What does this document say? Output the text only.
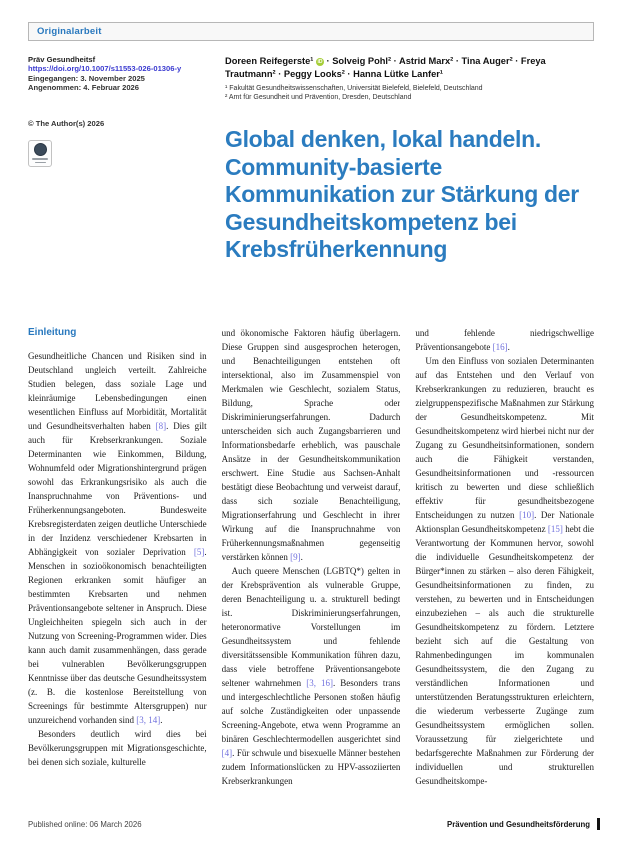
Originalarbeit
Präv Gesundheitsf
https://doi.org/10.1007/s11553-026-01306-y
Eingegangen: 3. November 2025
Angenommen: 4. Februar 2026
© The Author(s) 2026
Doreen Reifegerste¹ iD · Solveig Pohl² · Astrid Marx² · Tina Auger² · Freya Trautmann² · Peggy Looks² · Hanna Lütke Lanfer¹
¹ Fakultät Gesundheitswissenschaften, Universität Bielefeld, Bielefeld, Deutschland
² Amt für Gesundheit und Prävention, Dresden, Deutschland
Global denken, lokal handeln.
Community-basierte
Kommunikation zur Stärkung der
Gesundheitskompetenz bei
Krebsfrüherkennung
Einleitung

Gesundheitliche Chancen und Risiken sind in Deutschland ungleich verteilt. Zahlreiche Studien belegen, dass soziale Lage und kleinräumige Lebensbedingungen einen wesentlichen Einfluss auf Morbidität, Mortalität und Gesundheitsverhalten haben [8]. Dies gilt auch für Krebserkrankungen. Soziale Determinanten wie Einkommen, Bildung, Wohnumfeld oder Migrationshintergrund prägen sowohl das Erkrankungsrisiko als auch die Inanspruchnahme von Präventions- und Früherkennungsangeboten. Bundesweite Krebsregisterdaten zeigen deutliche Unterschiede in der Inzidenz verschiedener Krebsarten in Abhängigkeit von sozialer Deprivation [5]. Menschen in sozioökonomisch benachteiligten Regionen erkranken somit häufiger an bestimmten Krebsarten und nehmen Präventionsangebote seltener in Anspruch. Diese Ungleichheiten spiegeln sich auch in der Nutzung von Screening-Programmen wider. Dies kann auch damit zusammenhängen, dass gerade bei vulnerablen Bevölkerungsgruppen Kenntnisse über das deutsche Gesundheitssystem (z. B. die kostenlose Bereitstellung von Screenings für bestimmte Altersgruppen) nur unzureichend vorhanden sind [3, 14].

Besonders deutlich wird dies bei Bevölkerungsgruppen mit Migrationsgeschichte, bei denen sich soziale, kulturelle

und ökonomische Faktoren häufig überlagern. Diese Gruppen sind ausgesprochen heterogen, und Benachteiligungen entstehen oft intersektional, also im Zusammenspiel von Merkmalen wie Geschlecht, sozialem Status, Bildung, Sprache oder Diskriminierungserfahrungen. Dadurch unterscheiden sich auch Zugangsbarrieren und Informationsbedarfe erheblich, was pauschale Ansätze in der Gesundheitskommunikation erschwert. Eine Studie aus Sachsen-Anhalt bestätigt diese Beobachtung und verweist darauf, dass sich soziale Benachteiligung, Migrationserfahrung und Geschlecht in ihrer Wirkung auf die Inanspruchnahme von Früherkennungsmaßnahmen gegenseitig verstärken können [9].

Auch queere Menschen (LGBTQ*) gelten in der Krebsprävention als vulnerable Gruppe, deren Benachteiligung u. a. strukturell bedingt ist. Diskriminierungserfahrungen, heteronormative Vorstellungen im Gesundheitssystem und fehlende diversitätssensible Kommunikation führen dazu, dass viele betroffene Präventionsangebote seltener wahrnehmen [3, 16]. Besonders trans und intergeschlechtliche Personen stoßen häufig auf solche Zuständigkeiten oder unpassende Screening-Angebote, etwa wenn Programme an binären Geschlechtermodellen ausgerichtet sind [4]. Für schwule und bisexuelle Männer bestehen zudem Informationslücken zu HPV-assoziierten Krebserkrankungen

und fehlende niedrigschwellige Präventionsangebote [16].

Um den Einfluss von sozialen Determinanten auf das Entstehen und den Verlauf von Krebserkrankungen zu reduzieren, braucht es zielgruppenspezifische Maßnahmen zur Stärkung der Gesundheitskompetenz. Mit Gesundheitskompetenz wird hierbei nicht nur der Zugang zu Gesundheitsinformationen, sondern auch die Fähigkeit verstanden, Gesundheitsinformationen und -ressourcen kritisch zu bewerten und diese schließlich effektiv für gesundheitsbezogene Entscheidungen zu nutzen [10]. Der Nationale Aktionsplan Gesundheitskompetenz [15] hebt die Verantwortung der Kommunen hervor, sowohl die individuelle Gesundheitskompetenz der Bürger*innen zu stärken – also deren Fähigkeit, Gesundheitsinformationen zu finden, zu verstehen, zu bewerten und in Entscheidungen einzubeziehen – als auch die strukturelle Gesundheitskompetenz zu fördern. Letztere bezieht sich auf die Gestaltung von Rahmenbedingungen im kommunalen Gesundheitssystem, die den Zugang zu verständlichen Informationen und unterstützenden Beratungsstrukturen erleichtern, die wiederum verbesserte Zugänge zum Gesundheitssystem ermöglichen sollen. Voraussetzung für zielgerichtete und bedarfsgerechte Maßnahmen zur Förderung der individuellen und strukturellen Gesundheitskompe-

Published online: 06 March 2026	Prävention und Gesundheitsförderung
